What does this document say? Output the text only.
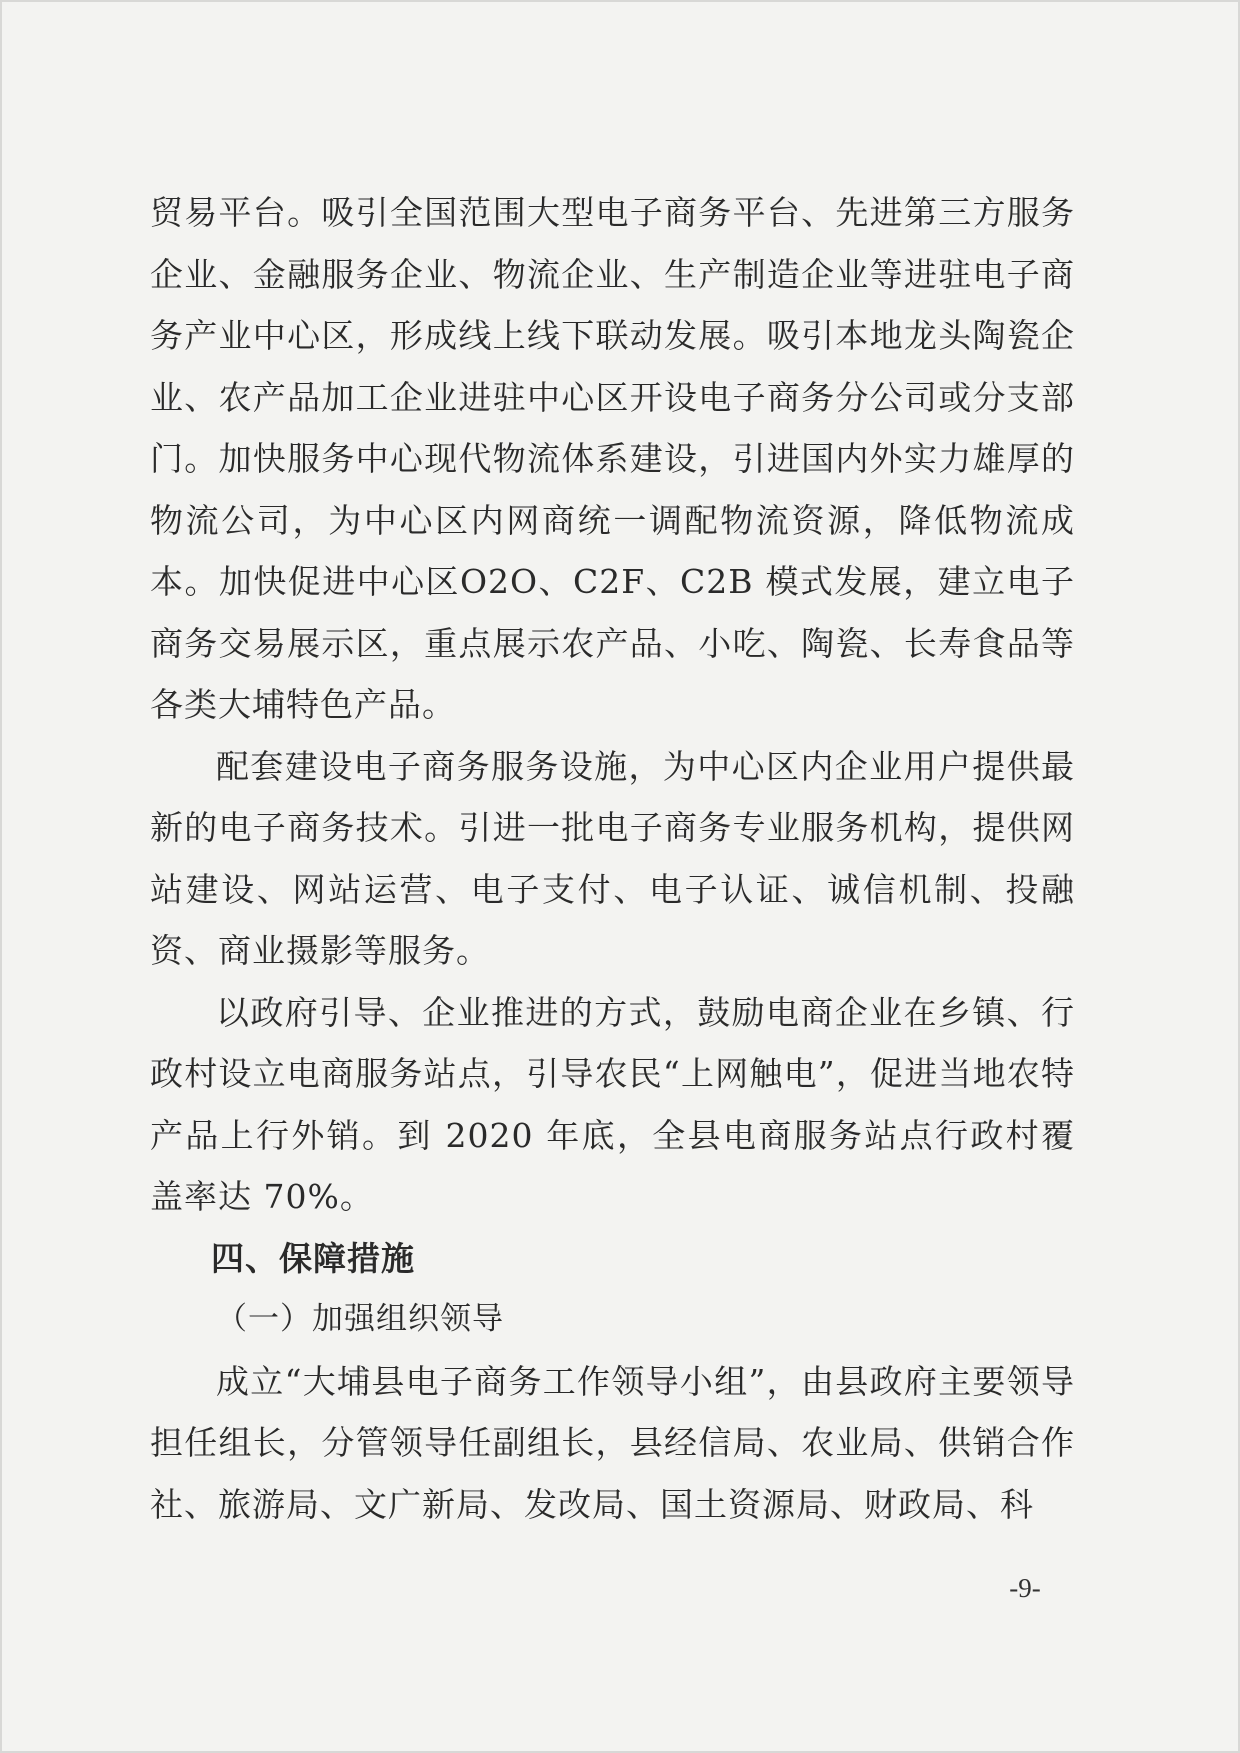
贸易平台。吸引全国范围大型电子商务平台、先进第三方服务企业、金融服务企业、物流企业、生产制造企业等进驻电子商务产业中心区，形成线上线下联动发展。吸引本地龙头陶瓷企业、农产品加工企业进驻中心区开设电子商务分公司或分支部门。加快服务中心现代物流体系建设，引进国内外实力雄厚的物流公司，为中心区内网商统一调配物流资源，降低物流成本。加快促进中心区O2O、C2F、C2B 模式发展，建立电子商务交易展示区，重点展示农产品、小吃、陶瓷、长寿食品等各类大埔特色产品。

配套建设电子商务服务设施，为中心区内企业用户提供最新的电子商务技术。引进一批电子商务专业服务机构，提供网站建设、网站运营、电子支付、电子认证、诚信机制、投融资、商业摄影等服务。

以政府引导、企业推进的方式，鼓励电商企业在乡镇、行政村设立电商服务站点，引导农民“上网触电”，促进当地农特产品上行外销。到 2020 年底，全县电商服务站点行政村覆盖率达 70%。

四、保障措施

（一）加强组织领导

成立“大埔县电子商务工作领导小组”，由县政府主要领导担任组长，分管领导任副组长，县经信局、农业局、供销合作社、旅游局、文广新局、发改局、国土资源局、财政局、科

-9-
